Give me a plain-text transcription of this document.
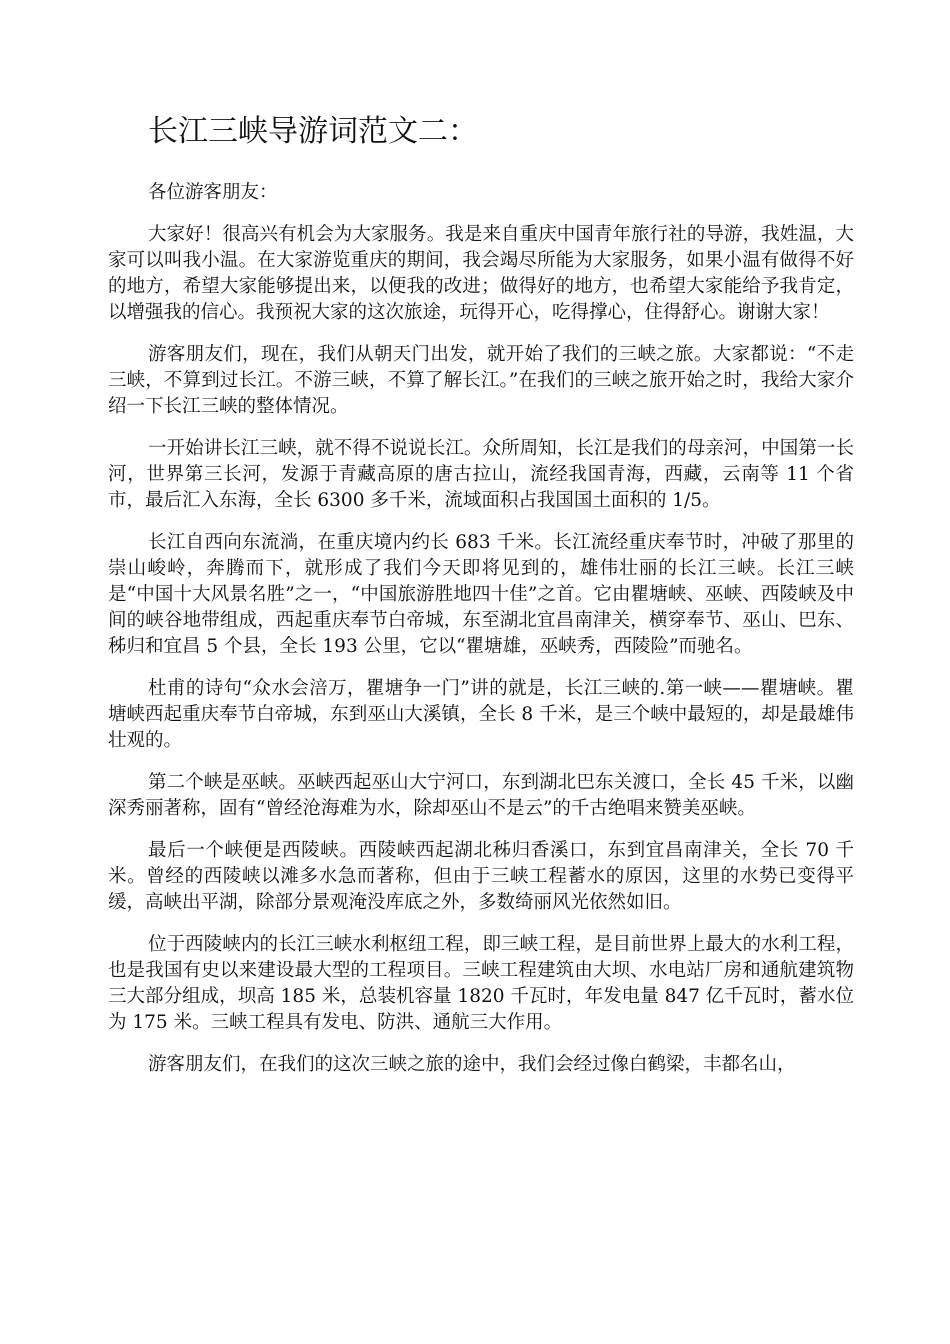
长江三峡导游词范文二：

各位游客朋友：

大家好！很高兴有机会为大家服务。我是来自重庆中国青年旅行社的导游，我姓温，大家可以叫我小温。在大家游览重庆的期间，我会竭尽所能为大家服务，如果小温有做得不好的地方，希望大家能够提出来，以便我的改进；做得好的地方，也希望大家能给予我肯定，以增强我的信心。我预祝大家的这次旅途，玩得开心，吃得撑心，住得舒心。谢谢大家！

游客朋友们，现在，我们从朝天门出发，就开始了我们的三峡之旅。大家都说：“不走三峡，不算到过长江。不游三峡，不算了解长江。”在我们的三峡之旅开始之时，我给大家介绍一下长江三峡的整体情况。

一开始讲长江三峡，就不得不说说长江。众所周知，长江是我们的母亲河，中国第一长河，世界第三长河，发源于青藏高原的唐古拉山，流经我国青海，西藏，云南等 11 个省市，最后汇入东海，全长 6300 多千米，流域面积占我国国土面积的 1/5。

长江自西向东流淌，在重庆境内约长 683 千米。长江流经重庆奉节时，冲破了那里的崇山峻岭，奔腾而下，就形成了我们今天即将见到的，雄伟壮丽的长江三峡。长江三峡是“中国十大风景名胜”之一，“中国旅游胜地四十佳”之首。它由瞿塘峡、巫峡、西陵峡及中间的峡谷地带组成，西起重庆奉节白帝城，东至湖北宜昌南津关，横穿奉节、巫山、巴东、秭归和宜昌 5 个县，全长 193 公里，它以“瞿塘雄，巫峡秀，西陵险”而驰名。

杜甫的诗句“众水会涪万，瞿塘争一门”讲的就是，长江三峡的.第一峡——瞿塘峡。瞿塘峡西起重庆奉节白帝城，东到巫山大溪镇，全长 8 千米，是三个峡中最短的，却是最雄伟壮观的。

第二个峡是巫峡。巫峡西起巫山大宁河口，东到湖北巴东关渡口，全长 45 千米，以幽深秀丽著称，固有“曾经沧海难为水，除却巫山不是云”的千古绝唱来赞美巫峡。

最后一个峡便是西陵峡。西陵峡西起湖北秭归香溪口，东到宜昌南津关，全长 70 千米。曾经的西陵峡以滩多水急而著称，但由于三峡工程蓄水的原因，这里的水势已变得平缓，高峡出平湖，除部分景观淹没库底之外，多数绮丽风光依然如旧。

位于西陵峡内的长江三峡水利枢纽工程，即三峡工程，是目前世界上最大的水利工程，也是我国有史以来建设最大型的工程项目。三峡工程建筑由大坝、水电站厂房和通航建筑物三大部分组成，坝高 185 米，总装机容量 1820 千瓦时，年发电量 847 亿千瓦时，蓄水位为 175 米。三峡工程具有发电、防洪、通航三大作用。

游客朋友们，在我们的这次三峡之旅的途中，我们会经过像白鹤梁，丰都名山，
